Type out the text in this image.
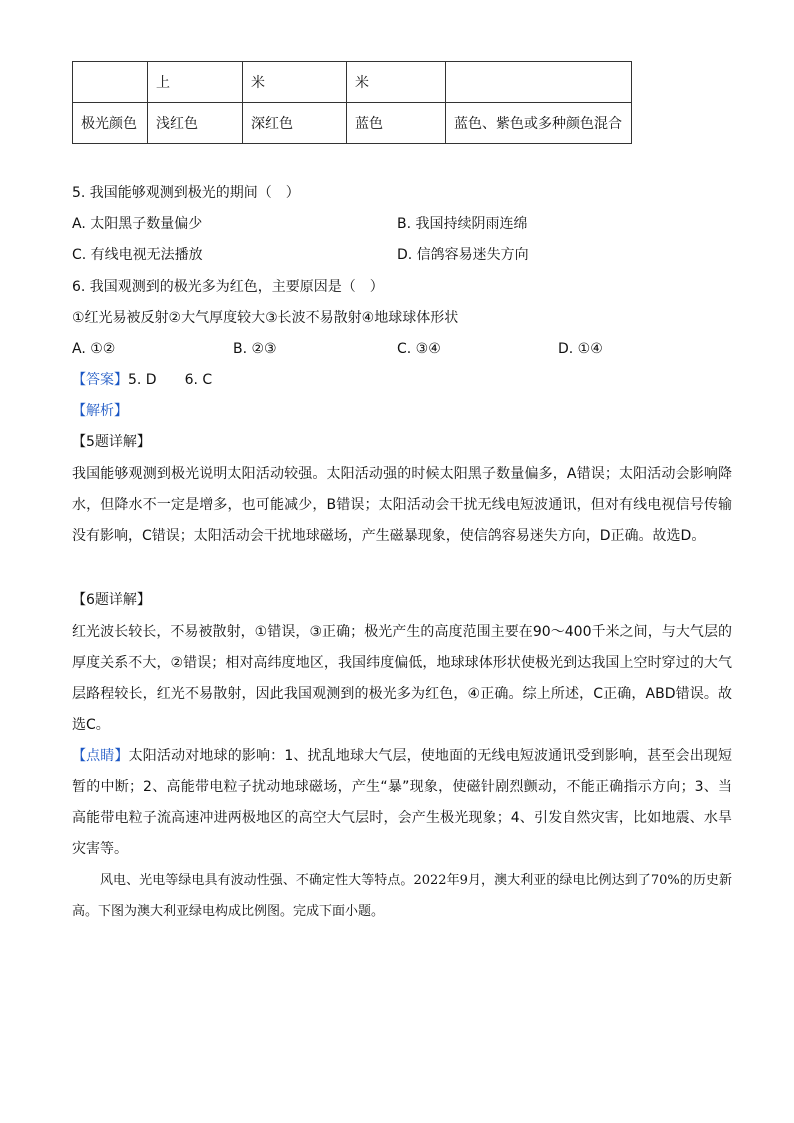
	上	米	米	
极光颜色	浅红色	深红色	蓝色	蓝色、紫色或多种颜色混合
5. 我国能够观测到极光的期间（　）
A. 太阳黑子数量偏少	B. 我国持续阴雨连绵
C. 有线电视无法播放	D. 信鸽容易迷失方向
6. 我国观测到的极光多为红色，主要原因是（　）
①红光易被反射②大气厚度较大③长波不易散射④地球球体形状
A. ①②	B. ②③	C. ③④	D. ①④
【答案】5. D　　6. C
【解析】
【5题详解】
我国能够观测到极光说明太阳活动较强。太阳活动强的时候太阳黑子数量偏多，A错误；太阳活动会影响降水，但降水不一定是增多，也可能减少，B错误；太阳活动会干扰无线电短波通讯，但对有线电视信号传输没有影响，C错误；太阳活动会干扰地球磁场，产生磁暴现象，使信鸽容易迷失方向，D正确。故选D。
【6题详解】
红光波长较长，不易被散射，①错误，③正确；极光产生的高度范围主要在90～400千米之间，与大气层的厚度关系不大，②错误；相对高纬度地区，我国纬度偏低，地球球体形状使极光到达我国上空时穿过的大气层路程较长，红光不易散射，因此我国观测到的极光多为红色，④正确。综上所述，C正确，ABD错误。故选C。
【点睛】太阳活动对地球的影响：1、扰乱地球大气层，使地面的无线电短波通讯受到影响，甚至会出现短暂的中断；2、高能带电粒子扰动地球磁场，产生“暴”现象，使磁针剧烈颤动，不能正确指示方向；3、当高能带电粒子流高速冲进两极地区的高空大气层时，会产生极光现象；4、引发自然灾害，比如地震、水旱灾害等。
风电、光电等绿电具有波动性强、不确定性大等特点。2022年9月，澳大利亚的绿电比例达到了70%的历史新高。下图为澳大利亚绿电构成比例图。完成下面小题。
